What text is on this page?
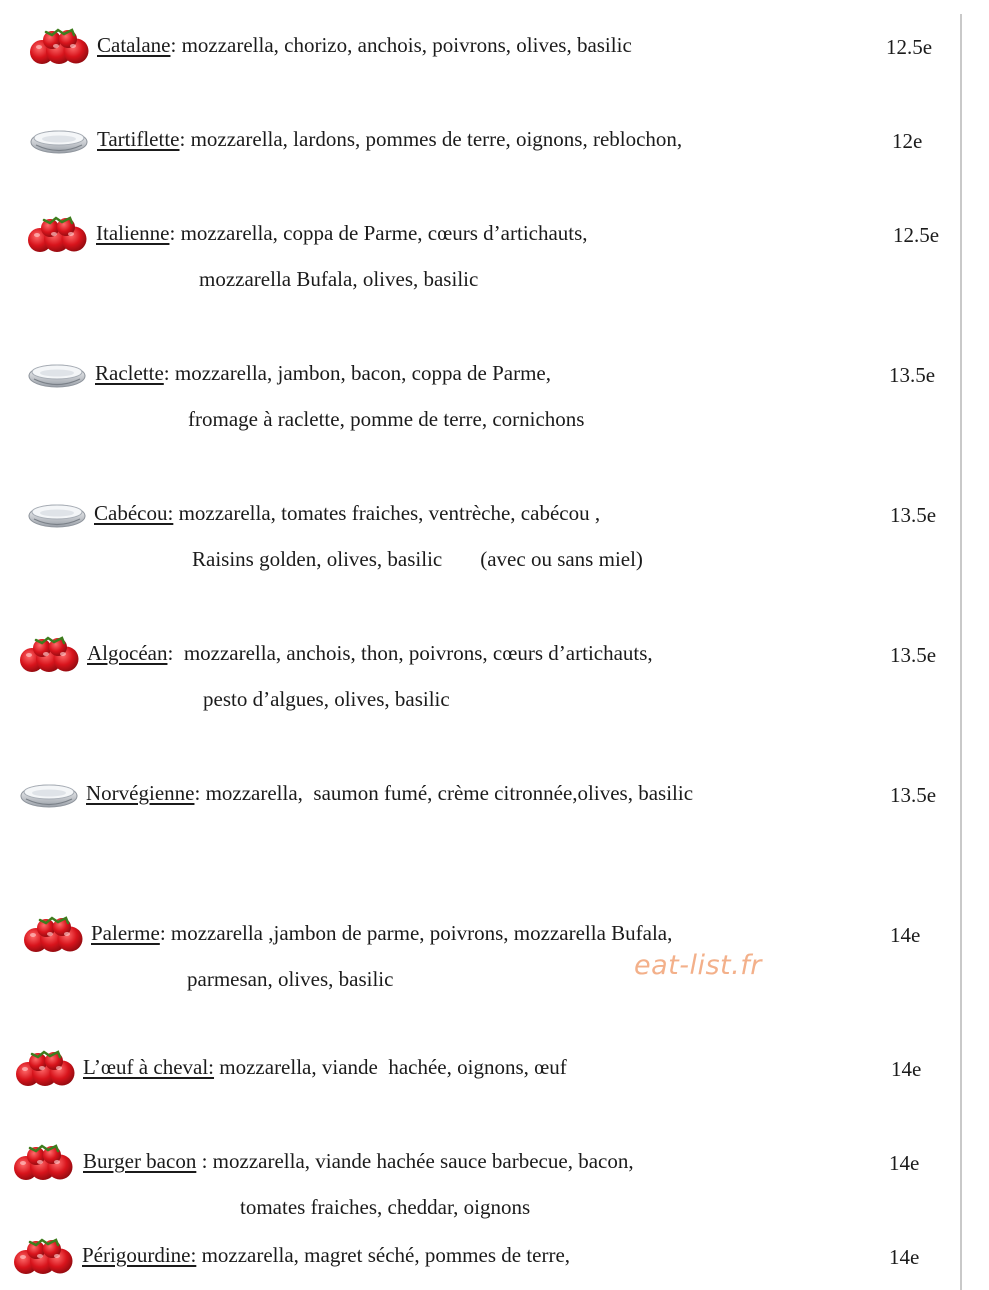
eat-list.fr
Catalane: mozzarella, chorizo, anchois, poivrons, olives, basilic	12.5e
Tartiflette: mozzarella, lardons, pommes de terre, oignons, reblochon,	12e
Italienne: mozzarella, coppa de Parme, cœurs d’artichauts,
mozzarella Bufala, olives, basilic
12.5e
Raclette: mozzarella, jambon, bacon, coppa de Parme,
fromage à raclette, pomme de terre, cornichons
13.5e
Cabécou: mozzarella, tomates fraiches, ventrèche, cabécou ,
Raisins golden, olives, basilic (avec ou sans miel)
13.5e
Algocéan:  mozzarella, anchois, thon, poivrons, cœurs d’artichauts,
pesto d’algues, olives, basilic
13.5e
Norvégienne: mozzarella,  saumon fumé, crème citronnée,olives, basilic	13.5e
Palerme: mozzarella ,jambon de parme, poivrons, mozzarella Bufala,
parmesan, olives, basilic
14e
L’œuf à cheval: mozzarella, viande  hachée, oignons, œuf	14e
Burger bacon : mozzarella, viande hachée sauce barbecue, bacon,
tomates fraiches, cheddar, oignons
14e
Périgourdine: mozzarella, magret séché, pommes de terre,	14e
